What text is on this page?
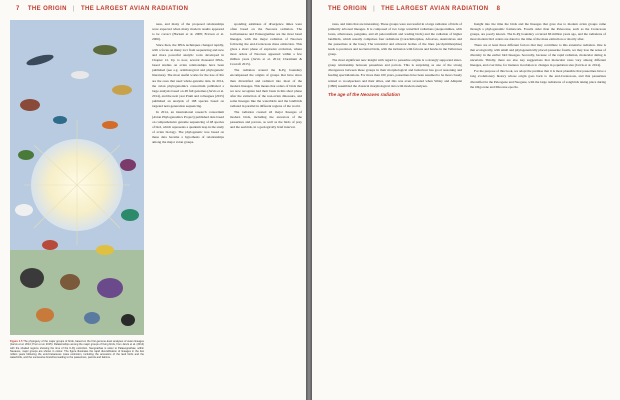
7 THE ORIGIN | THE LARGEST AVIAN RADIATION
Figure 1.5 The phylogeny of the major groups of birds, based on the first genome-level analyses of avian lineages (Jarvis et al. 2014; Prum et al. 2015). Relationships among the major groups of living birds, from Jarvis et al. (2014) with the shaded regions showing the time of the K-Pg extinction. Neognathae is sister to Palaeognathae; within Neoaves, major groups are shown in colour. The figure illustrates the rapid diversification of lineages in the few million years following the end-Cretaceous mass extinction, including the ancestors of the land birds and the waterbirds, and the successive branches leading to the passerines, parrots and falcons.

ness, and many of the proposed relationships were expected when many modern results appeared to be correct (Hackett et al. 2008; Ericson et al. 2006).

Since then, the DNA techniques changed rapidly, with a focus on many loci from sequencing and new and more powerful analytic tools developed in Chapter 12. Up to now, several thousand DNA-based studies on avian relationships have been published (see e.g. ornithological and phylogenetic literature). The most useful works for the tree of life are the ones that used whole-genome data. In 2014, the avian phylogenomics consortium published a large analysis based on 48 full genomes (Jarvis et al. 2014), and the next year Prum and colleagues (2015) published an analysis of 198 species based on targeted next-generation sequencing.

In 2014, an international research consortium (Avian Phylogenomics Project) published data based on comprehensive genome sequencing of 48 species of bird, which represents a quantum leap in the study of avian biology. The phylogenetic tree based on these data became a hypothesis of relationships among the major avian groups.

sponding estimates of divergence times were often based on the Neoaves radiation. The Galloanserae and Palaeognathae are the most basal lineages, with the major radiation of Neoaves following the end-Cretaceous mass extinction. This gives a short phase of explosive evolution, where most orders of Neoaves appeared within a few million years (Jarvis et al. 2014; Claramunt & Cracraft 2015).

The radiation around the K-Pg boundary encompassed the origins of groups that have since then diversified and radiated into most of the modern lineages. This means that orders of birds that we now recognize had their basis in this short phase after the extinction of the non-avian dinosaurs, and some lineages like the waterbirds and the landbirds radiated in parallel in different regions of the world.

The radiation created all major lineages of modern birds, including the ancestors of the passerines and parrots, as well as the birds of prey and the seabirds, in a geologically brief interval.

THE ORIGIN | THE LARGEST AVIAN RADIATION 8

rates, and traits that are interesting. These groups were successful in a large radiation of birds of primarily arboreal lineages. It is composed of two large waterbird radiations (Aequornithes, with loons, albatrosses, penguins, and all pelecaniform and wading birds) and the radiation of higher landbirds, which usually comprises four radiations (Coraciimorphae, Afroaves, Australaves and the passerines at the base). The terrestrial and arboreal bodies of the lines (Accipitrimorphae) leads to predators and nocturnal birds, with the inclusion with falcons and hawks in the Telluraves group.

The most significant new insight with regard to passerine origins is a strongly supported sister-group relationship between passerines and parrots. This is surprising as one of the strong divergences between these groups in their morphological and behaviour has good reasoning and feeding specializations. For more than 100 years, passerines have been assumed to be most closely related to woodpeckers and their allies, and this was even revealed when Sibley and Ahlquist (1990) assembled the classical morphological data with modern analyses.

The age of the Neoaves radiation

Insight into the time the birds and the lineages that gave rise to modern avian groups came through a phylogenomic framework. Fossils older than the Paleocene, such as the Cretaceous groups, are poorly known. The K-Pg boundary occurred 66 million years ago, and the radiations of most modern bird orders are dated to the time of the mass extinction or shortly after.

There are at least three different factors that may contribute to this extensive radiation. One is that ecologically, with small and phylogenetically placed passerine fossils, we may lose the sense of diversity in the earlier bird lineages. Secondly, because of the rapid radiation, molecular dating is uncertain. Thirdly, there are also key suggestions that molecular rates vary among different lineages, and over time, for instance in relation to changes in population size (Jarvis et al. 2014).

For the purpose of this book, we adopt the premise that it is most plausible that passerines have a long evolutionary history whose origin goes back to the end-Cretaceous, and that passerines diversified in the Paleogene and Neogene, with the large radiations of songbirds taking place during the Oligocene and Miocene epochs.
